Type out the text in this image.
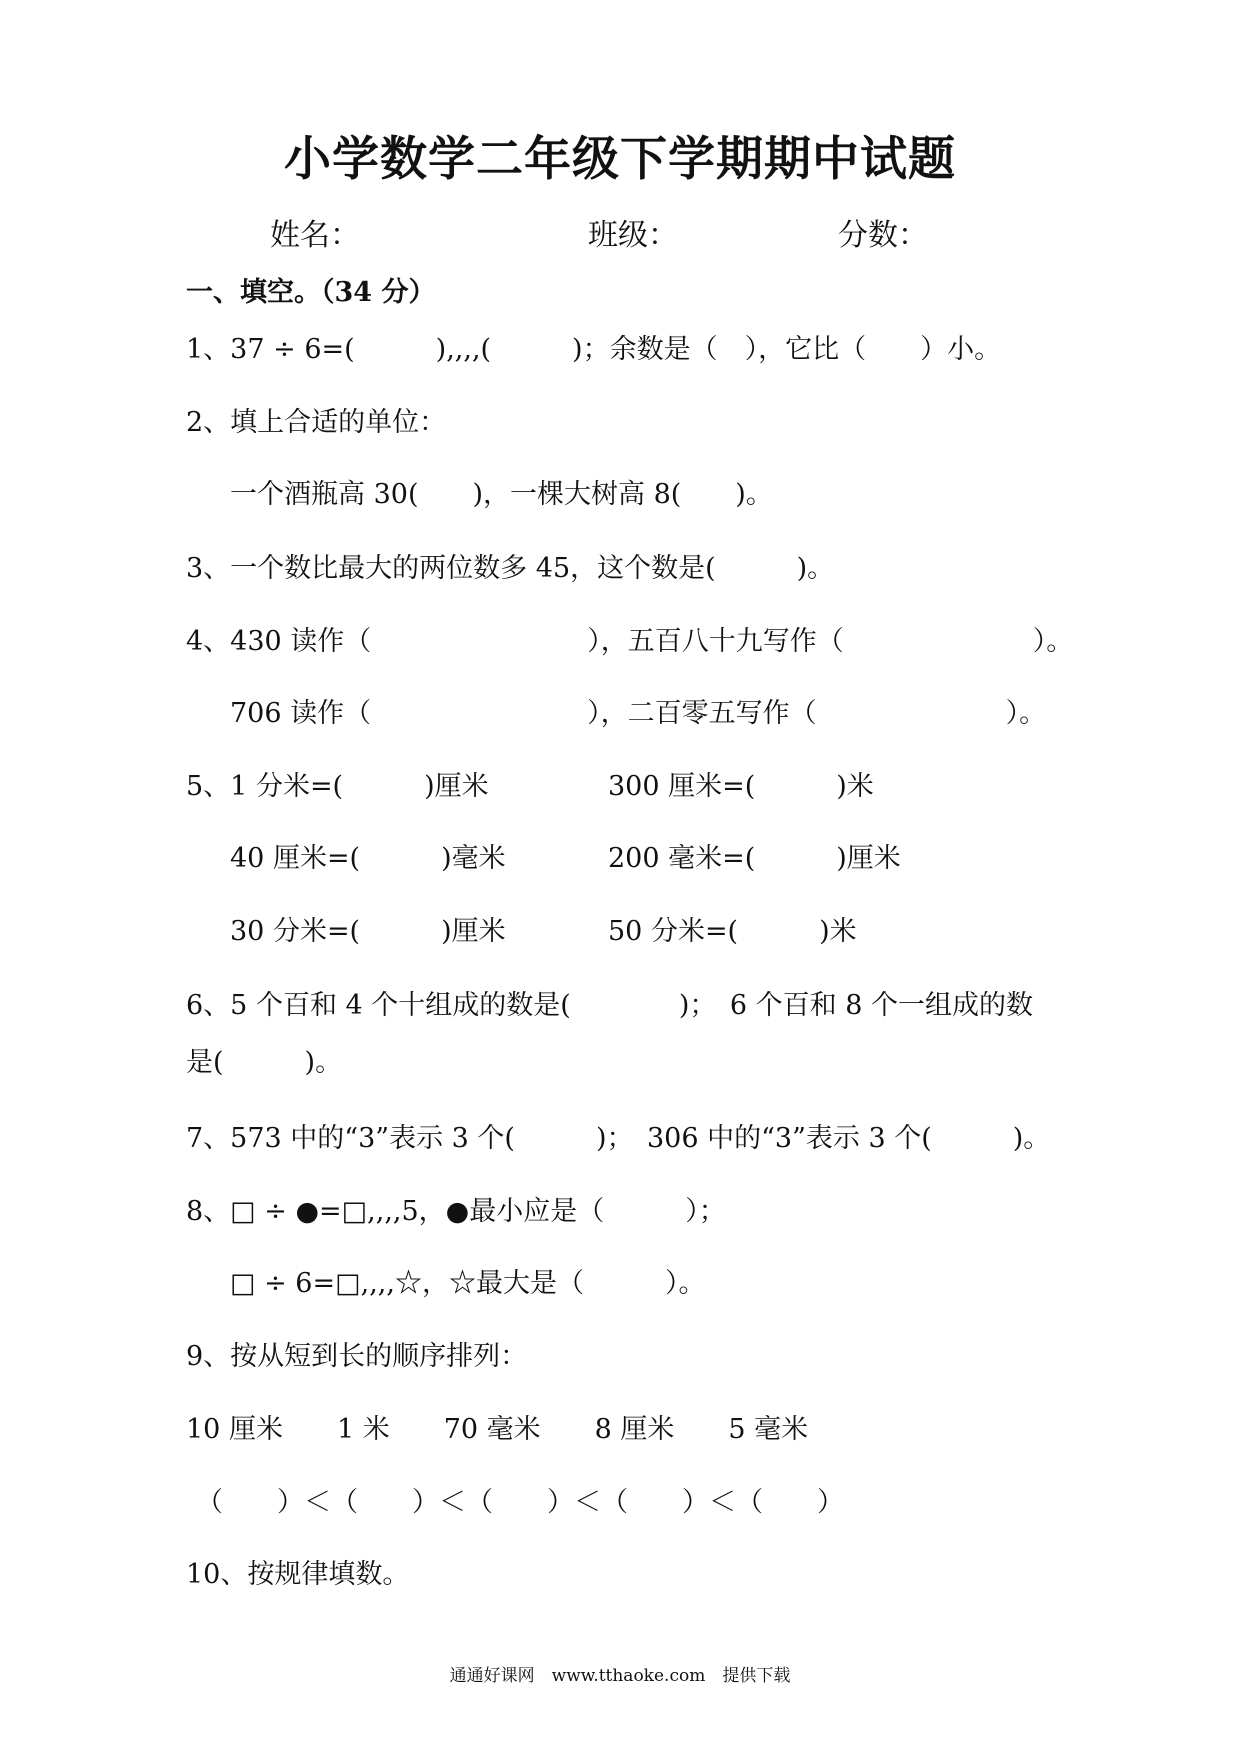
小学数学二年级下学期期中试题
姓名：	班级：	分数：
一、填空。（34 分）
1、37 ÷ 6=(　　　),,,,(　　　)；余数是（　），它比（　　）小。
2、填上合适的单位：
一个酒瓶高 30(　　)，一棵大树高 8(　　)。
3、一个数比最大的两位数多 45，这个数是(　　　)。
4、430 读作（　　　　　　　　），五百八十九写作（　　　　　　　）。
706 读作（　　　　　　　　），二百零五写作（　　　　　　　）。
5、1 分米=(　　　)厘米	300 厘米=(　　　)米
40 厘米=(　　　)毫米	200 毫米=(　　　)厘米
30 分米=(　　　)厘米	50 分米=(　　　)米
6、5 个百和 4 个十组成的数是(　　　　)；　6 个百和 8 个一组成的数
是(　　　)。
7、573 中的“3”表示 3 个(　　　)；　306 中的“3”表示 3 个(　　　)。
8、□ ÷ ●=□,,,,5，●最小应是（　　　）；
□ ÷ 6=□,,,,☆，☆最大是（　　　）。
9、按从短到长的顺序排列：
10 厘米　　1 米　　70 毫米　　8 厘米　　5 毫米
（　　）＜（　　）＜（　　）＜（　　）＜（　　）
10、按规律填数。
通通好课网　www.tthaoke.com　提供下载
